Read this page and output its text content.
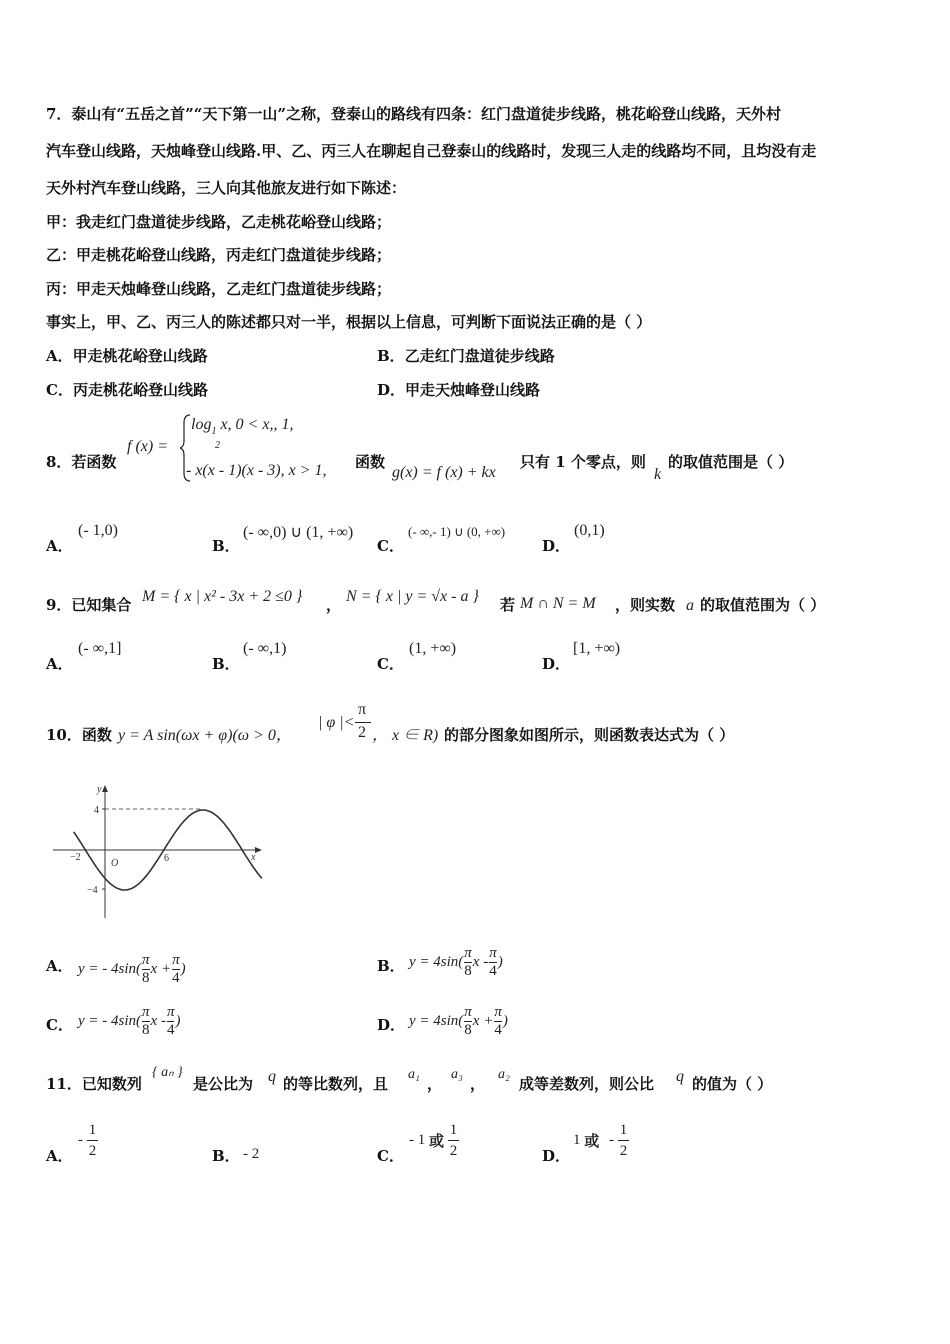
7．泰山有“五岳之首”“天下第一山”之称，登泰山的路线有四条：红门盘道徒步线路，桃花峪登山线路，天外村
汽车登山线路，天烛峰登山线路.甲、乙、丙三人在聊起自己登泰山的线路时，发现三人走的线路均不同，且均没有走
天外村汽车登山线路，三人向其他旅友进行如下陈述：
甲：我走红门盘道徒步线路，乙走桃花峪登山线路；
乙：甲走桃花峪登山线路，丙走红门盘道徒步线路；
丙：甲走天烛峰登山线路，乙走红门盘道徒步线路；
事实上，甲、乙、丙三人的陈述都只对一半，根据以上信息，可判断下面说法正确的是（ ）
A．甲走桃花峪登山线路	B．乙走红门盘道徒步线路
C．丙走桃花峪登山线路	D．甲走天烛峰登山线路
8．若函数
f (x) =
$\log_1 x$, 0 < x,, 1,
2
- x(x - 1)(x - 3), x > 1, 函数
g(x) = f (x) + kx
只有 1 个零点，则
k
的取值范围是（ ）
A．
(- 1,0)
B．
(- ∞,0) ∪ (1, +∞)
C．
(- ∞,- 1) ∪ (0, +∞)
D．
(0,1)
9．已知集合 M = { x | x² - 3x + 2 ≤0 } ， N = { x | y = √x - a } 若 M ∩ N = M ，则实数 a 的取值范围为（ ）
A．
(- ∞,1]
B．
(- ∞,1)
C．
(1, +∞)
D．
[1, +∞)
10．函数 y = A sin(ωx + φ)(ω > 0，
| φ |<
π
2 ， x ∈ R) 的部分图象如图所示，则函数表达式为（ ）
y
x
4
−4
−2
O	6
A． y = - $4\sin( \frac{\pi}{8}$ $x + \frac{\pi}{4}$ )	B． $y = 4\sin( \frac{\pi}{8}$ x - $\frac{\pi}{4}$ )
C． y = - $4\sin( \frac{\pi}{8}$ x - $\frac{\pi}{4}$ )	D． $y = 4\sin( \frac{\pi}{8}$ $x + \frac{\pi}{4}$ )
11．已知数列
{ aₙ }
是公比为 q 的等比数列，且
a₁
，
a₃
，
a₂
成等差数列，则公比 q 的值为（ ）
A．
- $\frac{1}{2}$	B． - 2	C．
- 1 或 $\frac{1}{2}$	D．
1 或 - $\frac{1}{2}$
